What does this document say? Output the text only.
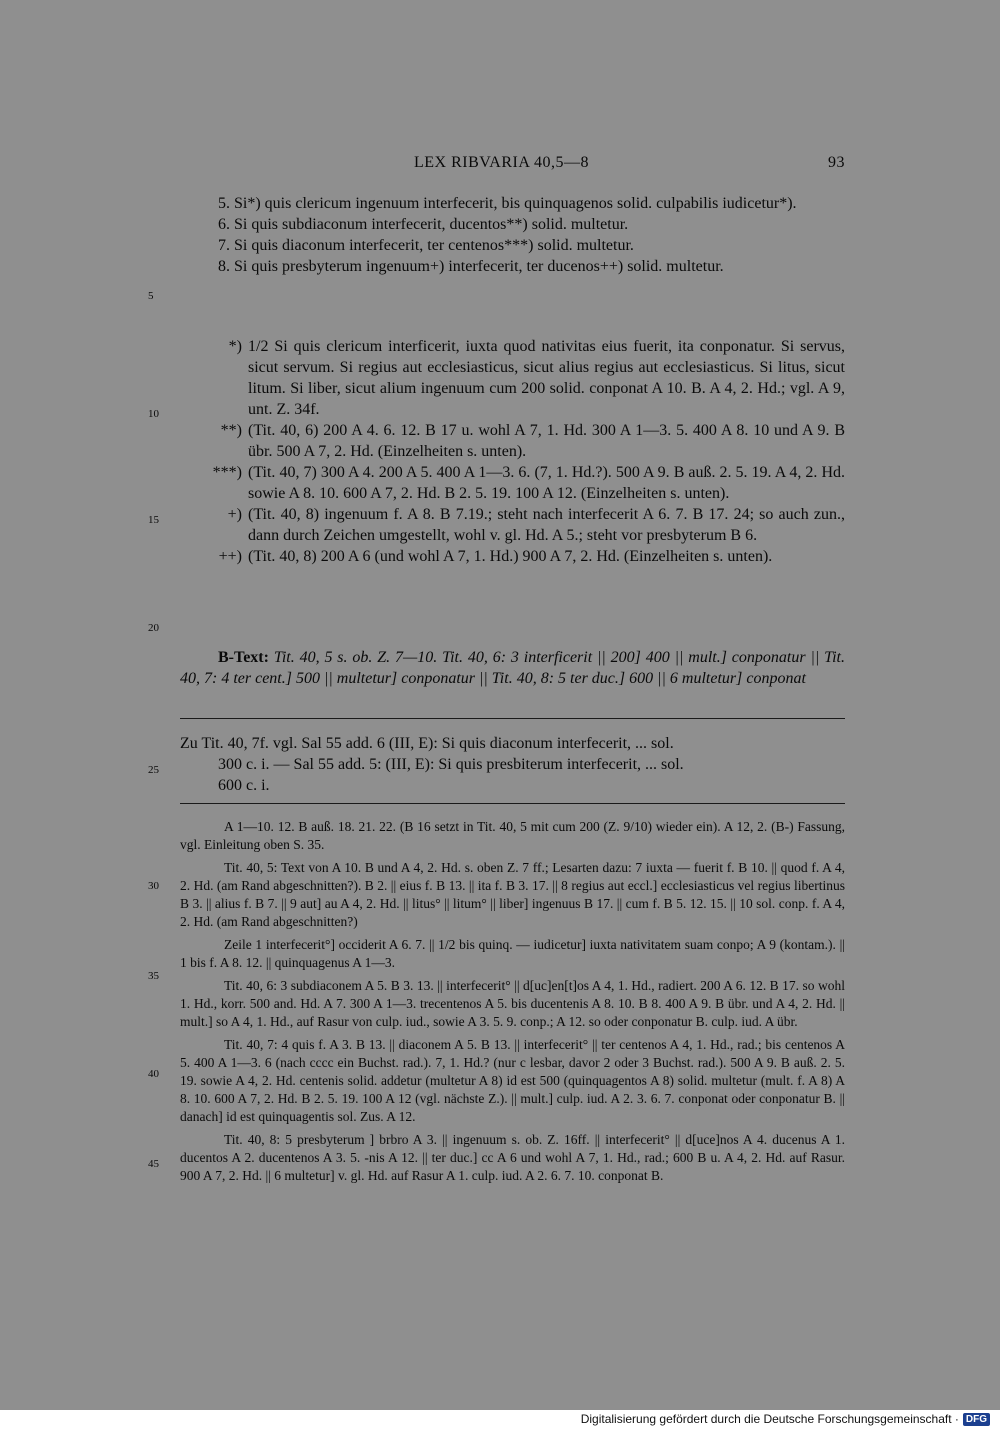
LEX RIBVARIA 40,5—8	93
5
10
15
20
25
30
35
40
45

5. Si*) quis clericum ingenuum interfecerit, bis quinquagenos solid. culpabilis iudicetur*).

6. Si quis subdiaconum interfecerit, ducentos**) solid. multetur.

7. Si quis diaconum interfecerit, ter centenos***) solid. multetur.

8. Si quis presbyterum ingenuum+) interfecerit, ter ducenos++) solid. multetur.

*) 1/2 Si quis clericum interficerit, iuxta quod nativitas eius fuerit, ita conponatur. Si servus, sicut servum. Si regius aut ecclesiasticus, sicut alius regius aut ecclesiasticus. Si litus, sicut litum. Si liber, sicut alium ingenuum cum 200 solid. conponat A 10. B. A 4, 2. Hd.; vgl. A 9, unt. Z. 34f.
**) (Tit. 40, 6) 200 A 4. 6. 12. B 17 u. wohl A 7, 1. Hd. 300 A 1—3. 5. 400 A 8. 10 und A 9. B übr. 500 A 7, 2. Hd. (Einzelheiten s. unten).
***) (Tit. 40, 7) 300 A 4. 200 A 5. 400 A 1—3. 6. (7, 1. Hd.?). 500 A 9. B auß. 2. 5. 19. A 4, 2. Hd. sowie A 8. 10. 600 A 7, 2. Hd. B 2. 5. 19. 100 A 12. (Einzelheiten s. unten).
+) (Tit. 40, 8) ingenuum f. A 8. B 7.19.; steht nach interfecerit A 6. 7. B 17. 24; so auch zun., dann durch Zeichen umgestellt, wohl v. gl. Hd. A 5.; steht vor presbyterum B 6.
++) (Tit. 40, 8) 200 A 6 (und wohl A 7, 1. Hd.) 900 A 7, 2. Hd. (Einzelheiten s. unten).

B-Text: Tit. 40, 5 s. ob. Z. 7—10. Tit. 40, 6: 3 interficerit || 200] 400 || mult.] conponatur || Tit. 40, 7: 4 ter cent.] 500 || multetur] conponatur || Tit. 40, 8: 5 ter duc.] 600 || 6 multetur] conponat

Zu Tit. 40, 7f. vgl. Sal 55 add. 6 (III, E): Si quis diaconum interfecerit, ... sol.

300 c. i. — Sal 55 add. 5: (III, E): Si quis presbiterum interfecerit, ... sol.

600 c. i.

A 1—10. 12. B auß. 18. 21. 22. (B 16 setzt in Tit. 40, 5 mit cum 200 (Z. 9/10) wieder ein). A 12, 2. (B-) Fassung, vgl. Einleitung oben S. 35.

Tit. 40, 5: Text von A 10. B und A 4, 2. Hd. s. oben Z. 7 ff.; Lesarten dazu: 7 iuxta — fuerit f. B 10. || quod f. A 4, 2. Hd. (am Rand abgeschnitten?). B 2. || eius f. B 13. || ita f. B 3. 17. || 8 regius aut eccl.] ecclesiasticus vel regius libertinus B 3. || alius f. B 7. || 9 aut] au A 4, 2. Hd. || litus° || litum° || liber] ingenuus B 17. || cum f. B 5. 12. 15. || 10 sol. conp. f. A 4, 2. Hd. (am Rand abgeschnitten?)

Zeile 1 interfecerit°] occiderit A 6. 7. || 1/2 bis quinq. — iudicetur] iuxta nativitatem suam conpo; A 9 (kontam.). || 1 bis f. A 8. 12. || quinquagenus A 1—3.

Tit. 40, 6: 3 subdiaconem A 5. B 3. 13. || interfecerit° || d[uc]en[t]os A 4, 1. Hd., radiert. 200 A 6. 12. B 17. so wohl 1. Hd., korr. 500 and. Hd. A 7. 300 A 1—3. trecentenos A 5. bis ducentenis A 8. 10. B 8. 400 A 9. B übr. und A 4, 2. Hd. || mult.] so A 4, 1. Hd., auf Rasur von culp. iud., sowie A 3. 5. 9. conp.; A 12. so oder conponatur B. culp. iud. A übr.

Tit. 40, 7: 4 quis f. A 3. B 13. || diaconem A 5. B 13. || interfecerit° || ter centenos A 4, 1. Hd., rad.; bis centenos A 5. 400 A 1—3. 6 (nach cccc ein Buchst. rad.). 7, 1. Hd.? (nur c lesbar, davor 2 oder 3 Buchst. rad.). 500 A 9. B auß. 2. 5. 19. sowie A 4, 2. Hd. centenis solid. addetur (multetur A 8) id est 500 (quinquagentos A 8) solid. multetur (mult. f. A 8) A 8. 10. 600 A 7, 2. Hd. B 2. 5. 19. 100 A 12 (vgl. nächste Z.). || mult.] culp. iud. A 2. 3. 6. 7. conponat oder conponatur B. || danach] id est quinquagentis sol. Zus. A 12.

Tit. 40, 8: 5 presbyterum ] brbro A 3. || ingenuum s. ob. Z. 16ff. || interfecerit° || d[uce]nos A 4. ducenus A 1. ducentos A 2. ducentenos A 3. 5. -nis A 12. || ter duc.] cc A 6 und wohl A 7, 1. Hd., rad.; 600 B u. A 4, 2. Hd. auf Rasur. 900 A 7, 2. Hd. || 6 multetur] v. gl. Hd. auf Rasur A 1. culp. iud. A 2. 6. 7. 10. conponat B.

Digitalisierung gefördert durch die Deutsche Forschungsgemeinschaft · DFG
